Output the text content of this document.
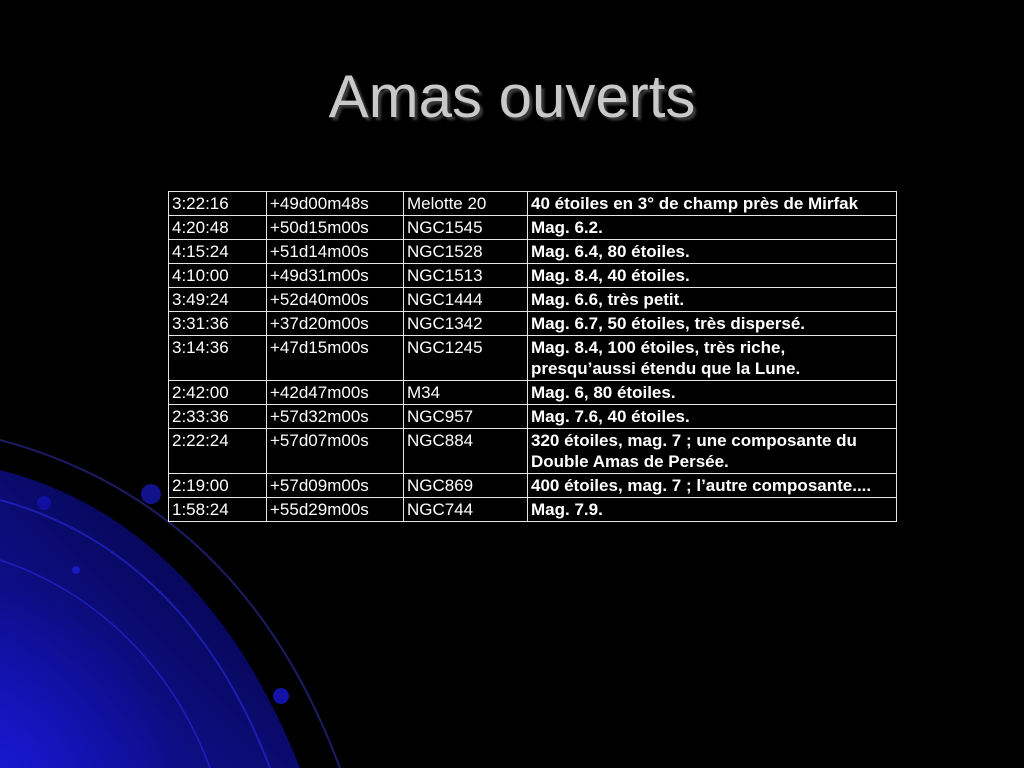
Amas ouverts
3:22:16	+49d00m48s	Melotte 20	40 étoiles en 3° de champ près de Mirfak
4:20:48	+50d15m00s	NGC1545	Mag. 6.2.
4:15:24	+51d14m00s	NGC1528	Mag. 6.4, 80 étoiles.
4:10:00	+49d31m00s	NGC1513	Mag. 8.4, 40 étoiles.
3:49:24	+52d40m00s	NGC1444	Mag. 6.6, très petit.
3:31:36	+37d20m00s	NGC1342	Mag. 6.7, 50 étoiles, très dispersé.
3:14:36	+47d15m00s	NGC1245	Mag. 8.4, 100 étoiles, très riche, presqu’aussi étendu que la Lune.
2:42:00	+42d47m00s	M34	Mag. 6, 80 étoiles.
2:33:36	+57d32m00s	NGC957	Mag. 7.6, 40 étoiles.
2:22:24	+57d07m00s	NGC884	320 étoiles, mag. 7 ; une composante du Double Amas de Persée.
2:19:00	+57d09m00s	NGC869	400 étoiles, mag. 7 ; l’autre composante....
1:58:24	+55d29m00s	NGC744	Mag. 7.9.
